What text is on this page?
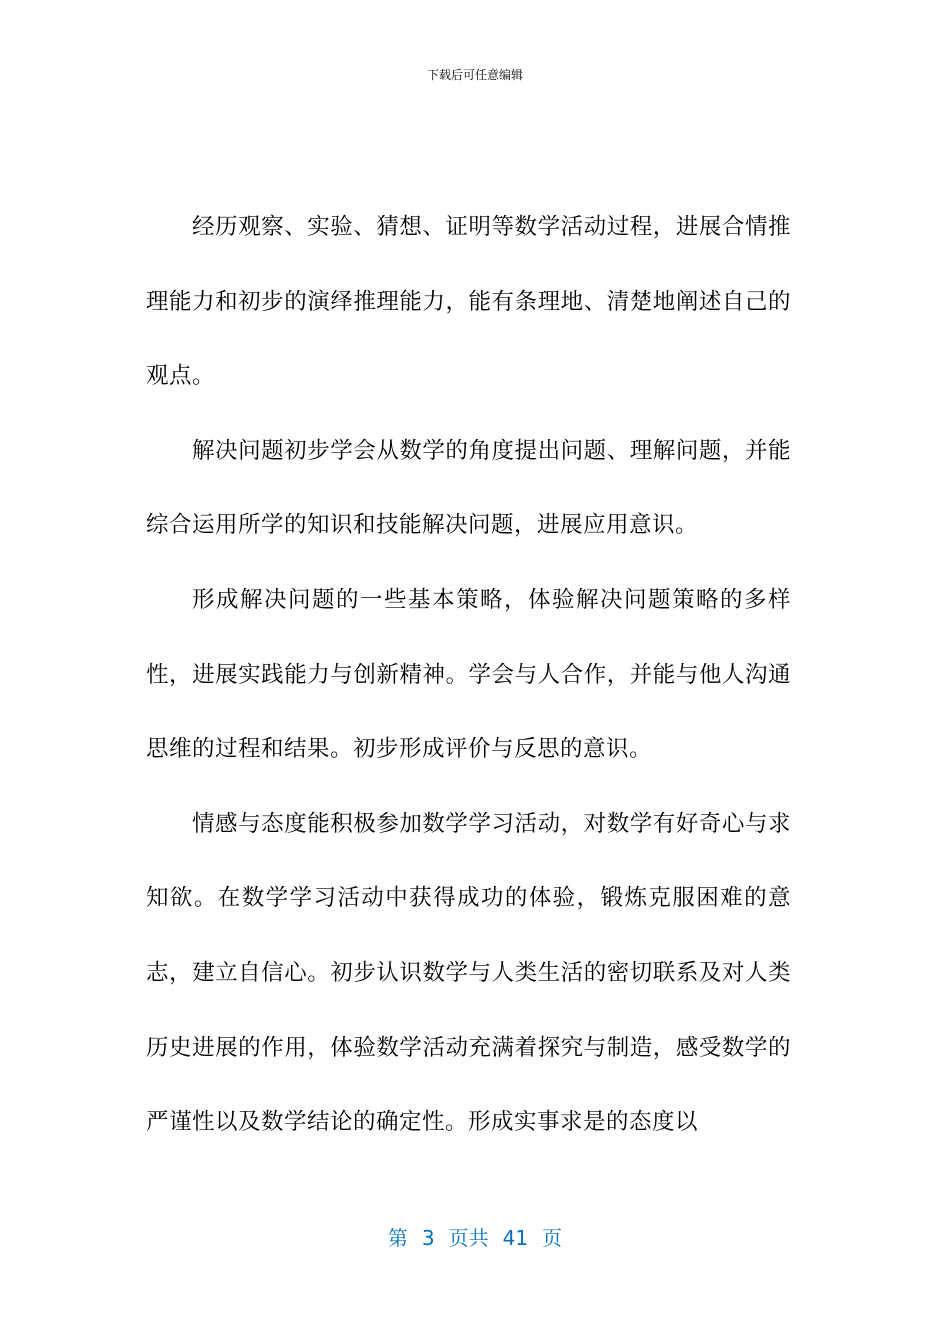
下载后可任意编辑

经历观察、实验、猜想、证明等数学活动过程，进展合情推理能力和初步的演绎推理能力，能有条理地、清楚地阐述自己的观点。

解决问题初步学会从数学的角度提出问题、理解问题，并能综合运用所学的知识和技能解决问题，进展应用意识。

形成解决问题的一些基本策略，体验解决问题策略的多样性，进展实践能力与创新精神。学会与人合作，并能与他人沟通思维的过程和结果。初步形成评价与反思的意识。

情感与态度能积极参加数学学习活动，对数学有好奇心与求知欲。在数学学习活动中获得成功的体验，锻炼克服困难的意志，建立自信心。初步认识数学与人类生活的密切联系及对人类历史进展的作用，体验数学活动充满着探究与制造，感受数学的严谨性以及数学结论的确定性。形成实事求是的态度以

第 3 页共 41 页
